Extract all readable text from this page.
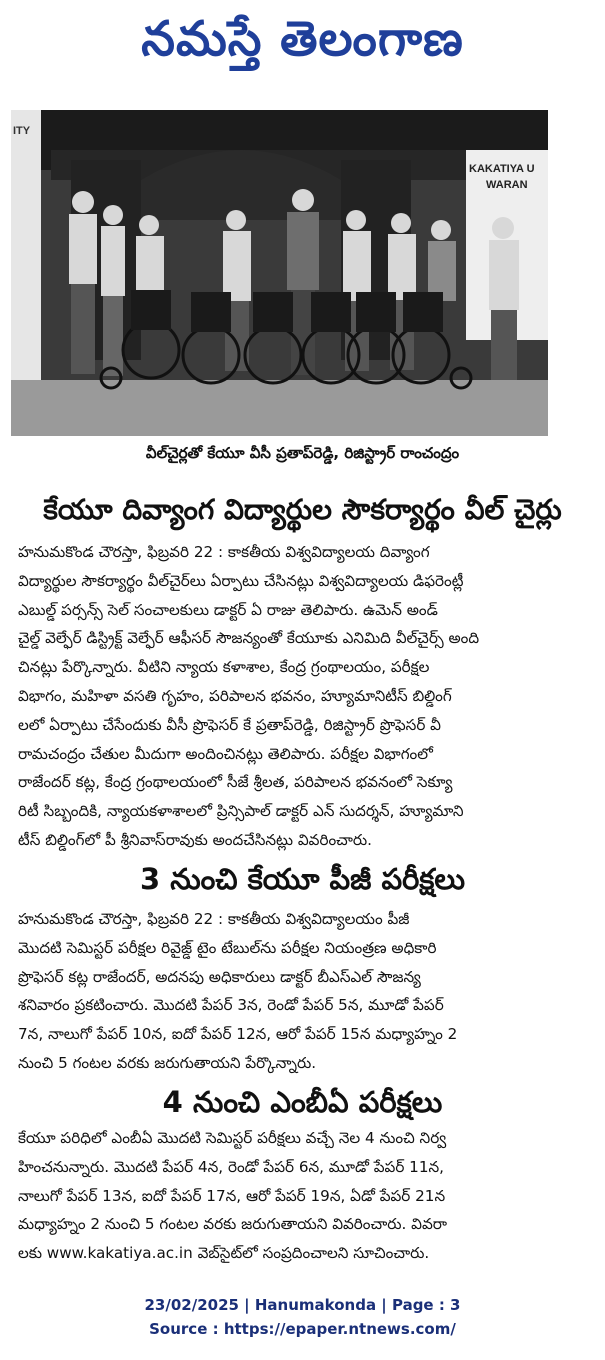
నమస్తే తెలంగాణ
ITY
KAKATIYA U
WARAN
వీల్‌చైర్లతో కేయూ వీసీ ప్రతాప్‌రెడ్డి, రిజిస్ట్రార్ రాంచంద్రం
కేయూ దివ్యాంగ విద్యార్థుల సౌకర్యార్థం వీల్ చైర్లు
హనుమకొండ చౌరస్తా, ఫిబ్రవరి 22 : కాకతీయ విశ్వవిద్యాలయ దివ్యాంగ
విద్యార్థుల సౌకర్యార్థం వీల్‌చైర్‌లు ఏర్పాటు చేసినట్లు విశ్వవిద్యాలయ డిఫరెంట్లీ
ఎబుల్డ్ పర్సన్స్ సెల్ సంచాలకులు డాక్టర్ ఏ రాజు తెలిపారు. ఉమెన్ అండ్
చైల్డ్ వెల్ఫేర్ డిస్ట్రిక్ట్ వెల్ఫేర్ ఆఫీసర్ సౌజన్యంతో కేయూకు ఎనిమిది వీల్‌చైర్స్ అంది
చినట్లు పేర్కొన్నారు. వీటిని న్యాయ కళాశాల, కేంద్ర గ్రంథాలయం, పరీక్షల
విభాగం, మహిళా వసతి గృహం, పరిపాలన భవనం, హ్యూమానిటీస్ బిల్డింగ్
లలో ఏర్పాటు చేసేందుకు వీసీ ప్రొఫెసర్ కే ప్రతాప్‌రెడ్డి, రిజిస్ట్రార్ ప్రొఫెసర్ వీ
రామచంద్రం చేతుల మీదుగా అందించినట్లు తెలిపారు. పరీక్షల విభాగంలో
రాజేందర్ కట్ల, కేంద్ర గ్రంథాలయంలో సీజే శ్రీలత, పరిపాలన భవనంలో సెక్యూ
రిటీ సిబ్బందికి, న్యాయకళాశాలలో ప్రిన్సిపాల్ డాక్టర్ ఎన్ సుదర్శన్, హ్యూమాని
టీస్ బిల్డింగ్‌లో పీ శ్రీనివాస్‌రావుకు అందచేసినట్లు వివరించారు.
3 నుంచి కేయూ పీజీ పరీక్షలు
హనుమకొండ చౌరస్తా, ఫిబ్రవరి 22 : కాకతీయ విశ్వవిద్యాలయం పీజీ
మొదటి సెమిస్టర్ పరీక్షల రివైజ్డ్ టైం టేబుల్‌ను పరీక్షల నియంత్రణ అధికారి
ప్రొఫెసర్ కట్ల రాజేందర్, అదనపు అధికారులు డాక్టర్ బీఎస్‌ఎల్ సౌజన్య
శనివారం ప్రకటించారు. మొదటి పేపర్ 3న, రెండో పేపర్ 5న, మూడో పేపర్
7న, నాలుగో పేపర్ 10న, ఐదో పేపర్ 12న, ఆరో పేపర్ 15న మధ్యాహ్నం 2
నుంచి 5 గంటల వరకు జరుగుతాయని పేర్కొన్నారు.
4 నుంచి ఎంబీఏ పరీక్షలు
కేయూ పరిధిలో ఎంబీఏ మొదటి సెమిస్టర్ పరీక్షలు వచ్చే నెల 4 నుంచి నిర్వ
హించనున్నారు. మొదటి పేపర్ 4న, రెండో పేపర్ 6న, మూడో పేపర్ 11న,
నాలుగో పేపర్ 13న, ఐదో పేపర్ 17న, ఆరో పేపర్ 19న, ఏడో పేపర్ 21న
మధ్యాహ్నం 2 నుంచి 5 గంటల వరకు జరుగుతాయని వివరించారు. వివరా
లకు www.kakatiya.ac.in వెబ్‌సైట్‌లో సంప్రదించాలని సూచించారు.
23/02/2025 | Hanumakonda | Page : 3
Source : https://epaper.ntnews.com/
